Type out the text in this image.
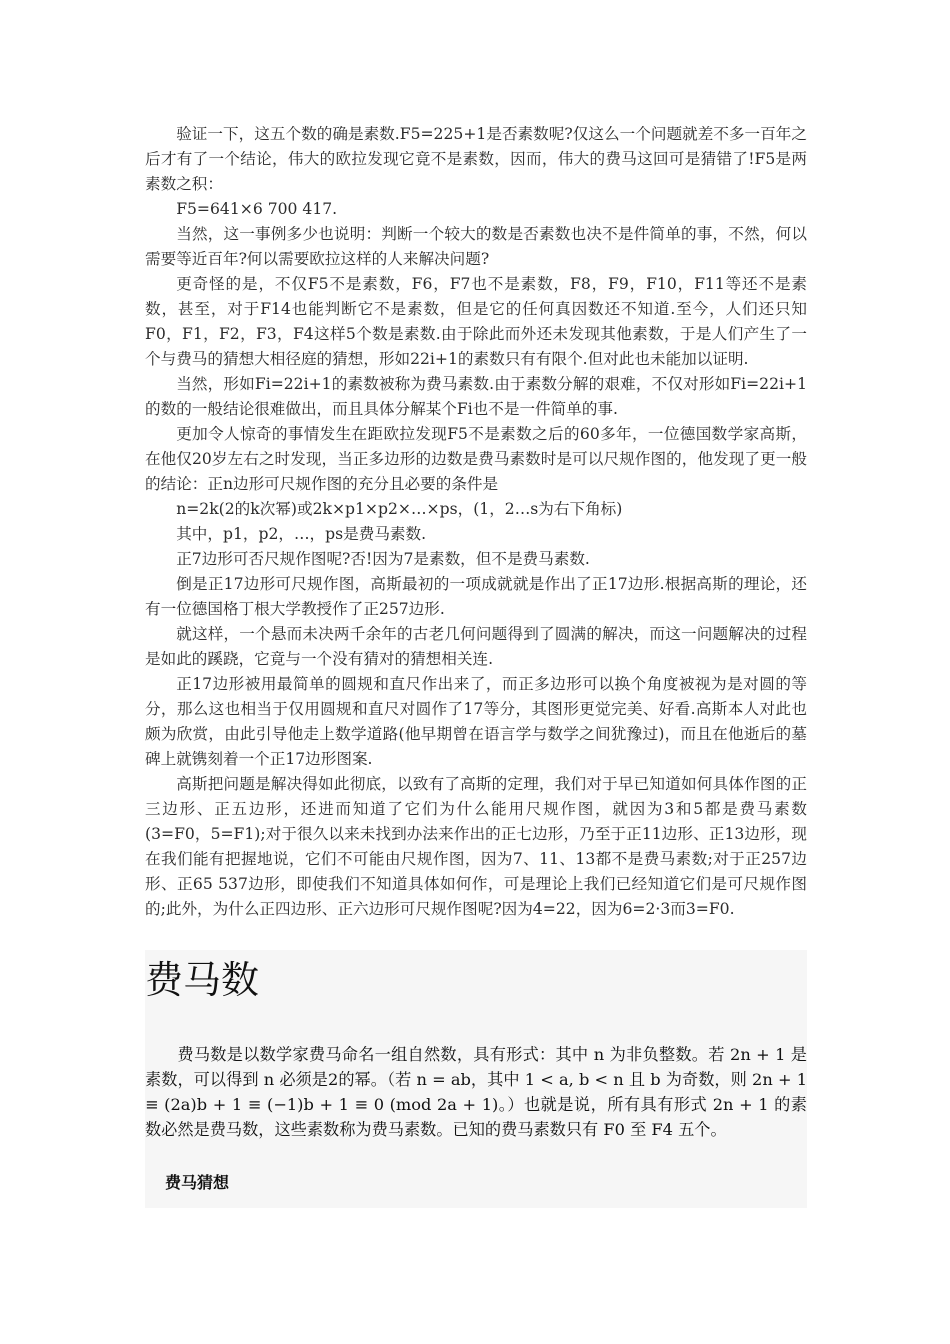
验证一下，这五个数的确是素数.F5=225+1是否素数呢?仅这么一个问题就差不多一百年之后才有了一个结论，伟大的欧拉发现它竟不是素数，因而，伟大的费马这回可是猜错了!F5是两素数之积：

F5=641×6 700 417.

当然，这一事例多少也说明：判断一个较大的数是否素数也决不是件简单的事，不然，何以需要等近百年?何以需要欧拉这样的人来解决问题?

更奇怪的是，不仅F5不是素数，F6，F7也不是素数，F8，F9，F10，F11等还不是素数，甚至，对于F14也能判断它不是素数，但是它的任何真因数还不知道.至今，人们还只知F0，F1，F2，F3，F4这样5个数是素数.由于除此而外还未发现其他素数，于是人们产生了一个与费马的猜想大相径庭的猜想，形如22i+1的素数只有有限个.但对此也未能加以证明.

当然，形如Fi=22i+1的素数被称为费马素数.由于素数分解的艰难，不仅对形如Fi=22i+1的数的一般结论很难做出，而且具体分解某个Fi也不是一件简单的事.

更加令人惊奇的事情发生在距欧拉发现F5不是素数之后的60多年，一位德国数学家高斯，在他仅20岁左右之时发现，当正多边形的边数是费马素数时是可以尺规作图的，他发现了更一般的结论：正n边形可尺规作图的充分且必要的条件是

n=2k(2的k次幂)或2k×p1×p2×…×ps，(1，2…s为右下角标)

其中，p1，p2，…，ps是费马素数.

正7边形可否尺规作图呢?否!因为7是素数，但不是费马素数.

倒是正17边形可尺规作图，高斯最初的一项成就就是作出了正17边形.根据高斯的理论，还有一位德国格丁根大学教授作了正257边形.

就这样，一个悬而未决两千余年的古老几何问题得到了圆满的解决，而这一问题解决的过程是如此的蹊跷，它竟与一个没有猜对的猜想相关连.

正17边形被用最简单的圆规和直尺作出来了，而正多边形可以换个角度被视为是对圆的等分，那么这也相当于仅用圆规和直尺对圆作了17等分，其图形更觉完美、好看.高斯本人对此也颇为欣赏，由此引导他走上数学道路(他早期曾在语言学与数学之间犹豫过)，而且在他逝后的墓碑上就镌刻着一个正17边形图案.

高斯把问题是解决得如此彻底，以致有了高斯的定理，我们对于早已知道如何具体作图的正三边形、正五边形，还进而知道了它们为什么能用尺规作图，就因为3和5都是费马素数(3=F0，5=F1);对于很久以来未找到办法来作出的正七边形，乃至于正11边形、正13边形，现在我们能有把握地说，它们不可能由尺规作图，因为7、11、13都不是费马素数;对于正257边形、正65 537边形，即使我们不知道具体如何作，可是理论上我们已经知道它们是可尺规作图的;此外，为什么正四边形、正六边形可尺规作图呢?因为4=22，因为6=2·3而3=F0.

费马数

费马数是以数学家费马命名一组自然数，具有形式：其中 n 为非负整数。若 2n + 1 是素数，可以得到 n 必须是2的幂。（若 n = ab，其中 1 < a, b < n 且 b 为奇数，则 2n + 1 ≡ (2a)b + 1 ≡ (−1)b + 1 ≡ 0 (mod 2a + 1)。）也就是说，所有具有形式 2n + 1 的素数必然是费马数，这些素数称为费马素数。已知的费马素数只有 F0 至 F4 五个。

费马猜想
